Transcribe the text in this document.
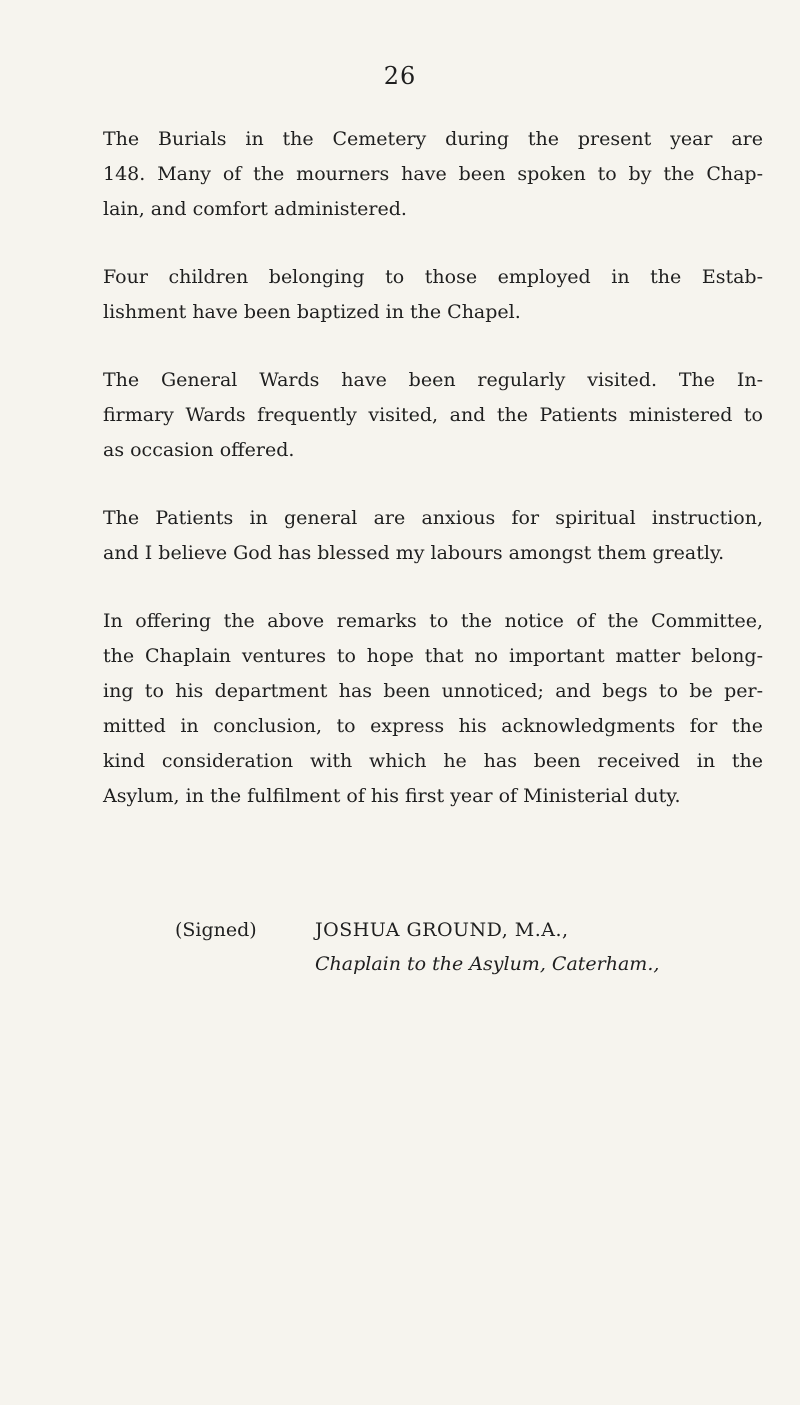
26

The Burials in the Cemetery during the present year are
148. Many of the mourners have been spoken to by the Chap-
lain, and comfort administered.

Four children belonging to those employed in the Estab-
lishment have been baptized in the Chapel.

The General Wards have been regularly visited. The In-
firmary Wards frequently visited, and the Patients ministered to
as occasion offered.

The Patients in general are anxious for spiritual instruction,
and I believe God has blessed my labours amongst them greatly.

In offering the above remarks to the notice of the Committee,
the Chaplain ventures to hope that no important matter belong-
ing to his department has been unnoticed; and begs to be per-
mitted in conclusion, to express his acknowledgments for the
kind consideration with which he has been received in the
Asylum, in the fulfilment of his first year of Ministerial duty.

(Signed)	JOSHUA GROUND, M.A.,
Chaplain to the Asylum, Caterham.,
